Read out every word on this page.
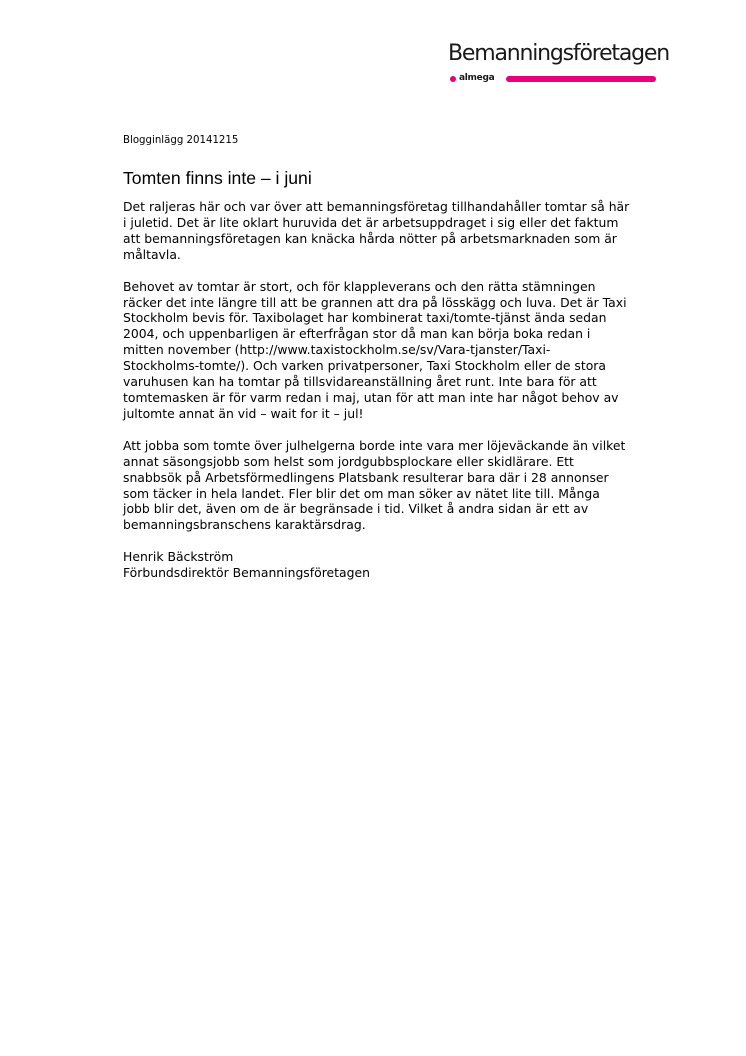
Bemanningsföretagen
almega

Blogginlägg 20141215

Tomten finns inte – i juni

Det raljeras här och var över att bemanningsföretag tillhandahåller tomtar så här
i juletid. Det är lite oklart huruvida det är arbetsuppdraget i sig eller det faktum
att bemanningsföretagen kan knäcka hårda nötter på arbetsmarknaden som är
måltavla.

Behovet av tomtar är stort, och för klappleverans och den rätta stämningen
räcker det inte längre till att be grannen att dra på lösskägg och luva. Det är Taxi
Stockholm bevis för. Taxibolaget har kombinerat taxi/tomte-tjänst ända sedan
2004, och uppenbarligen är efterfrågan stor då man kan börja boka redan i
mitten november (http://www.taxistockholm.se/sv/Vara-tjanster/Taxi-
Stockholms-tomte/). Och varken privatpersoner, Taxi Stockholm eller de stora
varuhusen kan ha tomtar på tillsvidareanställning året runt. Inte bara för att
tomtemasken är för varm redan i maj, utan för att man inte har något behov av
jultomte annat än vid – wait for it – jul!

Att jobba som tomte över julhelgerna borde inte vara mer löjeväckande än vilket
annat säsongsjobb som helst som jordgubbsplockare eller skidlärare. Ett
snabbsök på Arbetsförmedlingens Platsbank resulterar bara där i 28 annonser
som täcker in hela landet. Fler blir det om man söker av nätet lite till. Många
jobb blir det, även om de är begränsade i tid. Vilket å andra sidan är ett av
bemanningsbranschens karaktärsdrag.

Henrik Bäckström
Förbundsdirektör Bemanningsföretagen
